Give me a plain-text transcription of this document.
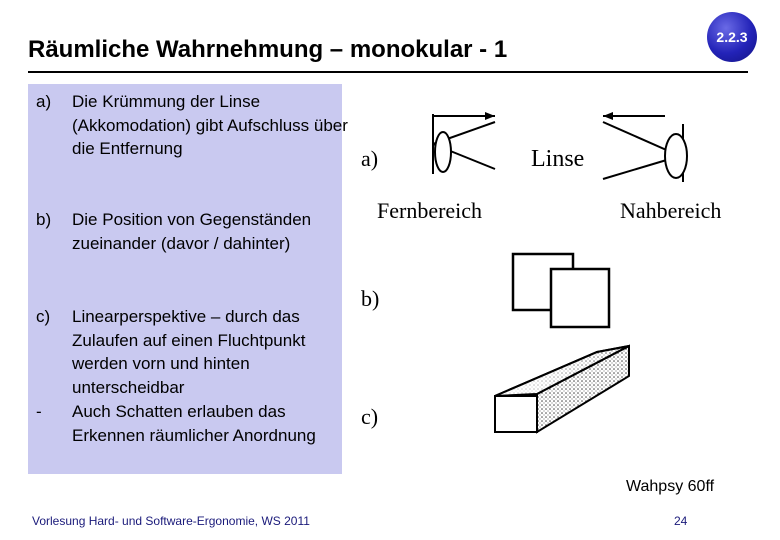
Räumliche Wahrnehmung – monokular - 1	2.2.3
a) Die Krümmung der Linse (Akkomodation) gibt Aufschluss über die Entfernung
b) Die Position von Gegenständen zueinander (davor / dahinter)
c) Linearperspektive – durch das Zulaufen auf einen Fluchtpunkt werden vorn und hinten unterscheidbar
- Auch Schatten erlauben das Erkennen räumlicher Anordnung
a)	Linse
Fernbereich	Nahbereich
b)
c)
Wahpsy 60ff
Vorlesung Hard- und Software-Ergonomie, WS 2011	24
